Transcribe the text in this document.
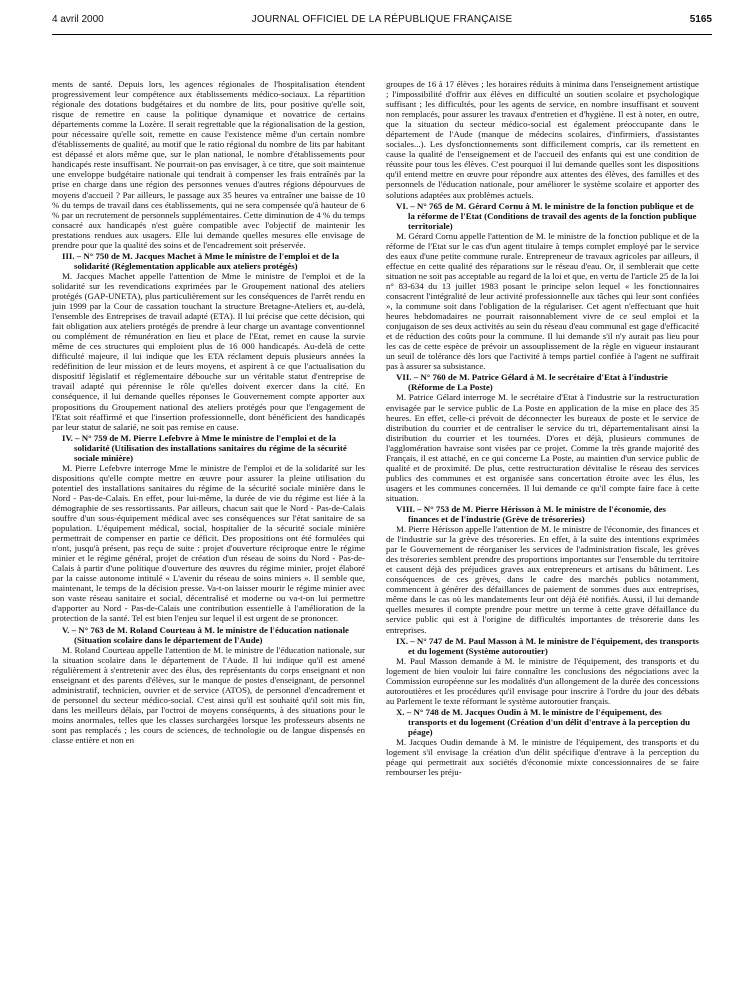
4 avril 2000	JOURNAL OFFICIEL DE LA RÉPUBLIQUE FRANÇAISE	5165

ments de santé. Depuis lors, les agences régionales de l'hospitalisation étendent progressivement leur compétence aux établissements médico-sociaux. La répartition régionale des dotations budgétaires et du nombre de lits, pour positive qu'elle soit, risque de remettre en cause la politique dynamique et novatrice de certains départements comme la Lozère. Il serait regrettable que la régionalisation de la gestion, pour nécessaire qu'elle soit, remette en cause l'existence même d'un certain nombre d'établissements de qualité, au motif que le ratio régional du nombre de lits par habitant est dépassé et alors même que, sur le plan national, le nombre d'établissements pour handicapés reste insuffisant. Ne pourrait-on pas envisager, à ce titre, que soit maintenue une enveloppe budgétaire nationale qui tendrait à compenser les frais entraînés par la prise en charge dans une région des personnes venues d'autres régions dépourvues de moyens d'accueil ? Par ailleurs, le passage aux 35 heures va entraîner une baisse de 10 % du temps de travail dans ces établissements, qui ne sera compensée qu'à hauteur de 6 % par un recrutement de personnels supplémentaires. Cette diminution de 4 % du temps consacré aux handicapés n'est guère compatible avec l'objectif de maintenir les prestations rendues aux usagers. Elle lui demande quelles mesures elle envisage de prendre pour que la qualité des soins et de l'encadrement soit préservée.

III. – N° 750 de M. Jacques Machet à Mme le ministre de l'emploi et de la solidarité (Réglementation applicable aux ateliers protégés)

M. Jacques Machet appelle l'attention de Mme le ministre de l'emploi et de la solidarité sur les revendications exprimées par le Groupement national des ateliers protégés (GAP-UNETA), plus particulièrement sur les conséquences de l'arrêt rendu en juin 1999 par la Cour de cassation touchant la structure Bretagne-Ateliers et, au-delà, l'ensemble des Entreprises de travail adapté (ETA). Il lui précise que cette décision, qui fait obligation aux ateliers protégés de prendre à leur charge un avantage conventionnel ou complément de rémunération en lieu et place de l'Etat, remet en cause la survie même de ces structures qui emploient plus de 16 000 handicapés. Au-delà de cette difficulté majeure, il lui indique que les ETA réclament depuis plusieurs années la redéfinition de leur mission et de leurs moyens, et aspirent à ce que l'actualisation du dispositif législatif et réglementaire débouche sur un véritable statut d'entreprise de travail adapté qui pérennise le rôle qu'elles doivent exercer dans la cité. En conséquence, il lui demande quelles réponses le Gouvernement compte apporter aux propositions du Groupement national des ateliers protégés pour que l'engagement de l'Etat soit réaffirmé et que l'insertion professionnelle, dont bénéficient des handicapés par leur statut de salarié, ne soit pas remise en cause.

IV. – N° 759 de M. Pierre Lefebvre à Mme le ministre de l'emploi et de la solidarité (Utilisation des installations sanitaires du régime de la sécurité sociale minière)

M. Pierre Lefebvre interroge Mme le ministre de l'emploi et de la solidarité sur les dispositions qu'elle compte mettre en œuvre pour assurer la pleine utilisation du potentiel des installations sanitaires du régime de la sécurité sociale minière dans le Nord - Pas-de-Calais. En effet, pour lui-même, la durée de vie du régime est liée à la démographie de ses ressortissants. Par ailleurs, chacun sait que le Nord - Pas-de-Calais souffre d'un sous-équipement médical avec ses conséquences sur l'état sanitaire de sa population. L'équipement médical, social, hospitalier de la sécurité sociale minière permettrait de compenser en partie ce déficit. Des propositions ont été formulées qui n'ont, jusqu'à présent, pas reçu de suite : projet d'ouverture réciproque entre le régime minier et le régime général, projet de création d'un réseau de soins du Nord - Pas-de-Calais à partir d'une politique d'ouverture des œuvres du régime minier, projet élaboré par la caisse autonome intitulé « L'avenir du réseau de soins miniers ». Il semble que, maintenant, le temps de la décision presse. Va-t-on laisser mourir le régime minier avec son vaste réseau sanitaire et social, décentralisé et moderne ou va-t-on lui permettre d'apporter au Nord - Pas-de-Calais une contribution essentielle à l'amélioration de la protection de la santé. Tel est bien l'enjeu sur lequel il est urgent de se prononcer.

V. – N° 763 de M. Roland Courteau à M. le ministre de l'éducation nationale (Situation scolaire dans le département de l'Aude)

M. Roland Courteau appelle l'attention de M. le ministre de l'éducation nationale, sur la situation scolaire dans le département de l'Aude. Il lui indique qu'il est amené régulièrement à s'entretenir avec des élus, des représentants du corps enseignant et non enseignant et des parents d'élèves, sur le manque de postes d'enseignant, de personnel administratif, technicien, ouvrier et de service (ATOS), de personnel d'encadrement et de personnel du secteur médico-social. C'est ainsi qu'il est souhaité qu'il soit mis fin, dans les meilleurs délais, par l'octroi de moyens conséquents, à des situations pour le moins anormales, telles que les classes surchargées lorsque les professeurs absents ne sont pas remplacés ; les cours de sciences, de technologie ou de langue dispensés en classe entière et non en

groupes de 16 à 17 élèves ; les horaires réduits à minima dans l'enseignement artistique ; l'impossibilité d'offrir aux élèves en difficulté un soutien scolaire et psychologique suffisant ; les difficultés, pour les agents de service, en nombre insuffisant et souvent non remplacés, pour assurer les travaux d'entretien et d'hygiène. Il est à noter, en outre, que la situation du secteur médico-social est également préoccupante dans le département de l'Aude (manque de médecins scolaires, d'infirmiers, d'assistantes sociales...). Les dysfonctionnements sont difficilement compris, car ils remettent en cause la qualité de l'enseignement et de l'accueil des enfants qui est une condition de réussite pour tous les élèves. C'est pourquoi il lui demande quelles sont les dispositions qu'il entend mettre en œuvre pour répondre aux attentes des élèves, des familles et des personnels de l'éducation nationale, pour améliorer le système scolaire et apporter des solutions adaptées aux problèmes actuels.

VI. – N° 765 de M. Gérard Cornu à M. le ministre de la fonction publique et de la réforme de l'Etat (Conditions de travail des agents de la fonction publique territoriale)

M. Gérard Cornu appelle l'attention de M. le ministre de la fonction publique et de la réforme de l'Etat sur le cas d'un agent titulaire à temps complet employé par le service des eaux d'une petite commune rurale. Entrepreneur de travaux agricoles par ailleurs, il effectue en cette qualité des réparations sur le réseau d'eau. Or, il semblerait que cette situation ne soit pas acceptable au regard de la loi et que, en vertu de l'article 25 de la loi n° 83-634 du 13 juillet 1983 posant le principe selon lequel « les fonctionnaires consacrent l'intégralité de leur activité professionnelle aux tâches qui leur sont confiées », la commune soit dans l'obligation de la régulariser. Cet agent n'effectuant que huit heures hebdomadaires ne pourrait raisonnablement vivre de ce seul emploi et la conjugaison de ses deux activités au sein du réseau d'eau communal est gage d'efficacité et de réduction des coûts pour la commune. Il lui demande s'il n'y aurait pas lieu pour les cas de cette espèce de prévoir un assouplissement de la règle en vigueur instaurant un seuil de tolérance dès lors que l'activité à temps partiel confiée à l'agent ne suffirait pas à assurer sa subsistance.

VII. – N° 760 de M. Patrice Gélard à M. le secrétaire d'Etat à l'industrie (Réforme de La Poste)

M. Patrice Gélard interroge M. le secrétaire d'Etat à l'industrie sur la restructuration envisagée par le service public de La Poste en application de la mise en place des 35 heures. En effet, celle-ci prévoit de déconnecter les bureaux de poste et le service de distribution du courrier et de centraliser le service du tri, départementalisant ainsi la distribution du courrier et les tournées. D'ores et déjà, plusieurs communes de l'agglomération havraise sont visées par ce projet. Comme la très grande majorité des Français, il est attaché, en ce qui concerne La Poste, au maintien d'un service public de qualité et de proximité. De plus, cette restructuration dévitalise le réseau des services publics des communes et est organisée sans concertation étroite avec les élus, les usagers et les communes concernées. Il lui demande ce qu'il compte faire face à cette situation.

VIII. – N° 753 de M. Pierre Hérisson à M. le ministre de l'économie, des finances et de l'industrie (Grève de trésoreries)

M. Pierre Hérisson appelle l'attention de M. le ministre de l'économie, des finances et de l'industrie sur la grève des trésoreries. En effet, à la suite des intentions exprimées par le Gouvernement de réorganiser les services de l'administration fiscale, les grèves des trésoreries semblent prendre des proportions importantes sur l'ensemble du territoire et causent déjà des préjudices graves aux entrepreneurs et artisans du bâtiment. Les conséquences de ces grèves, dans le cadre des marchés publics notamment, commencent à générer des défaillances de paiement de sommes dues aux entreprises, même dans le cas où les mandatements leur ont déjà été notifiés. Aussi, il lui demande quelles mesures il compte prendre pour mettre un terme à cette grave défaillance du service public qui est à l'origine de difficultés importantes de trésorerie dans les entreprises.

IX. – N° 747 de M. Paul Masson à M. le ministre de l'équipement, des transports et du logement (Système autoroutier)

M. Paul Masson demande à M. le ministre de l'équipement, des transports et du logement de bien vouloir lui faire connaître les conclusions des négociations avec la Commission européenne sur les modalités d'un allongement de la durée des concessions autoroutières et les procédures qu'il envisage pour inscrire à l'ordre du jour des débats au Parlement le texte réformant le système autoroutier français.

X. – N° 748 de M. Jacques Oudin à M. le ministre de l'équipement, des transports et du logement (Création d'un délit d'entrave à la perception du péage)

M. Jacques Oudin demande à M. le ministre de l'équipement, des transports et du logement s'il envisage la création d'un délit spécifique d'entrave à la perception du péage qui permettrait aux sociétés d'économie mixte concessionnaires de se faire rembourser les préju-
